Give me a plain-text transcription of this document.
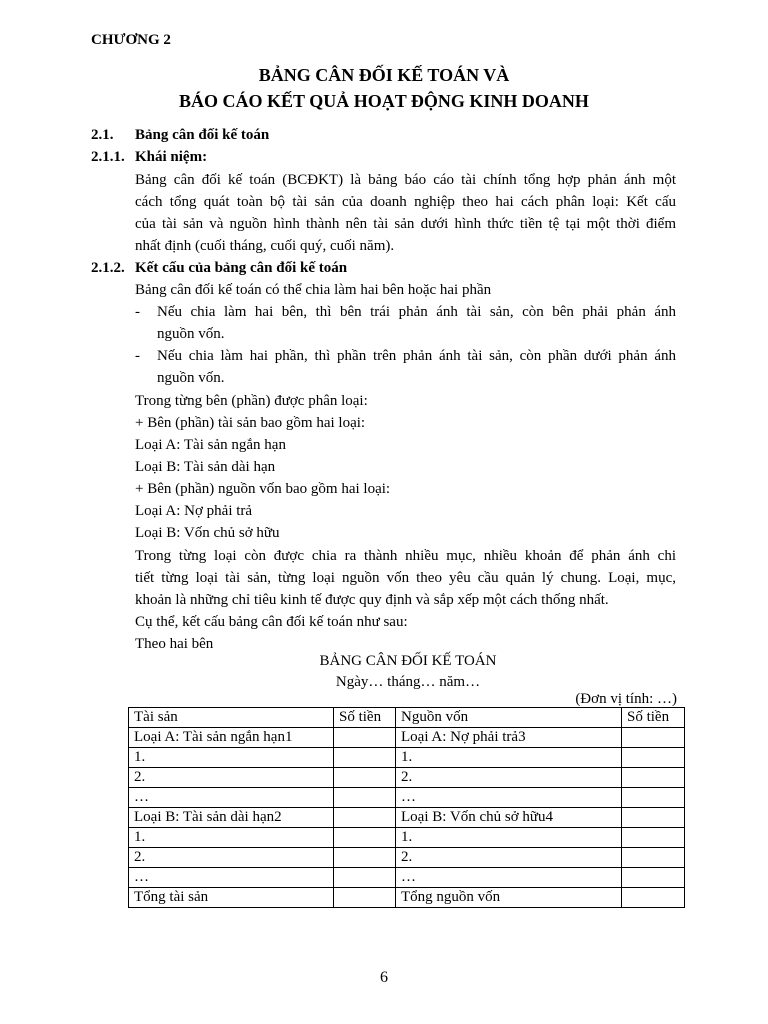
CHƯƠNG 2
BẢNG CÂN ĐỐI KẾ TOÁN VÀ
BÁO CÁO KẾT QUẢ HOẠT ĐỘNG KINH DOANH
2.1. Bảng cân đối kế toán
2.1.1. Khái niệm:
Bảng cân đối kế toán (BCĐKT) là bảng báo cáo tài chính tổng hợp phản ánh một
cách tổng quát toàn bộ tài sản của doanh nghiệp theo hai cách phân loại: Kết cấu
của tài sản và nguồn hình thành nên tài sản dưới hình thức tiền tệ tại một thời điểm
nhất định (cuối tháng, cuối quý, cuối năm).
2.1.2. Kết cấu của bảng cân đối kế toán
Bảng cân đối kế toán có thể chia làm hai bên hoặc hai phần
- Nếu chia làm hai bên, thì bên trái phản ánh tài sản, còn bên phải phản ánh
nguồn vốn.
- Nếu chia làm hai phần, thì phần trên phản ánh tài sản, còn phần dưới phản ánh
nguồn vốn.
Trong từng bên (phần) được phân loại:
+ Bên (phần) tài sản bao gồm hai loại:
Loại A: Tài sản ngắn hạn
Loại B: Tài sản dài hạn
+ Bên (phần) nguồn vốn bao gồm hai loại:
Loại A: Nợ phải trả
Loại B: Vốn chủ sở hữu
Trong từng loại còn được chia ra thành nhiều mục, nhiều khoản để phản ánh chi
tiết từng loại tài sản, từng loại nguồn vốn theo yêu cầu quản lý chung. Loại, mục,
khoản là những chỉ tiêu kinh tế được quy định và sắp xếp một cách thống nhất.
Cụ thể, kết cấu bảng cân đối kế toán như sau:
Theo hai bên
BẢNG CÂN ĐỐI KẾ TOÁN
Ngày… tháng… năm…
(Đơn vị tính: …)
Tài sản	Số tiền	Nguồn vốn	Số tiền
Loại A: Tài sản ngắn hạn1		Loại A: Nợ phải trả3	
1.		1.	
2.		2.	
…		…	
Loại B: Tài sản dài hạn2		Loại B: Vốn chủ sở hữu4	
1.		1.	
2.		2.	
…		…	
Tổng tài sản		Tổng nguồn vốn	
6
